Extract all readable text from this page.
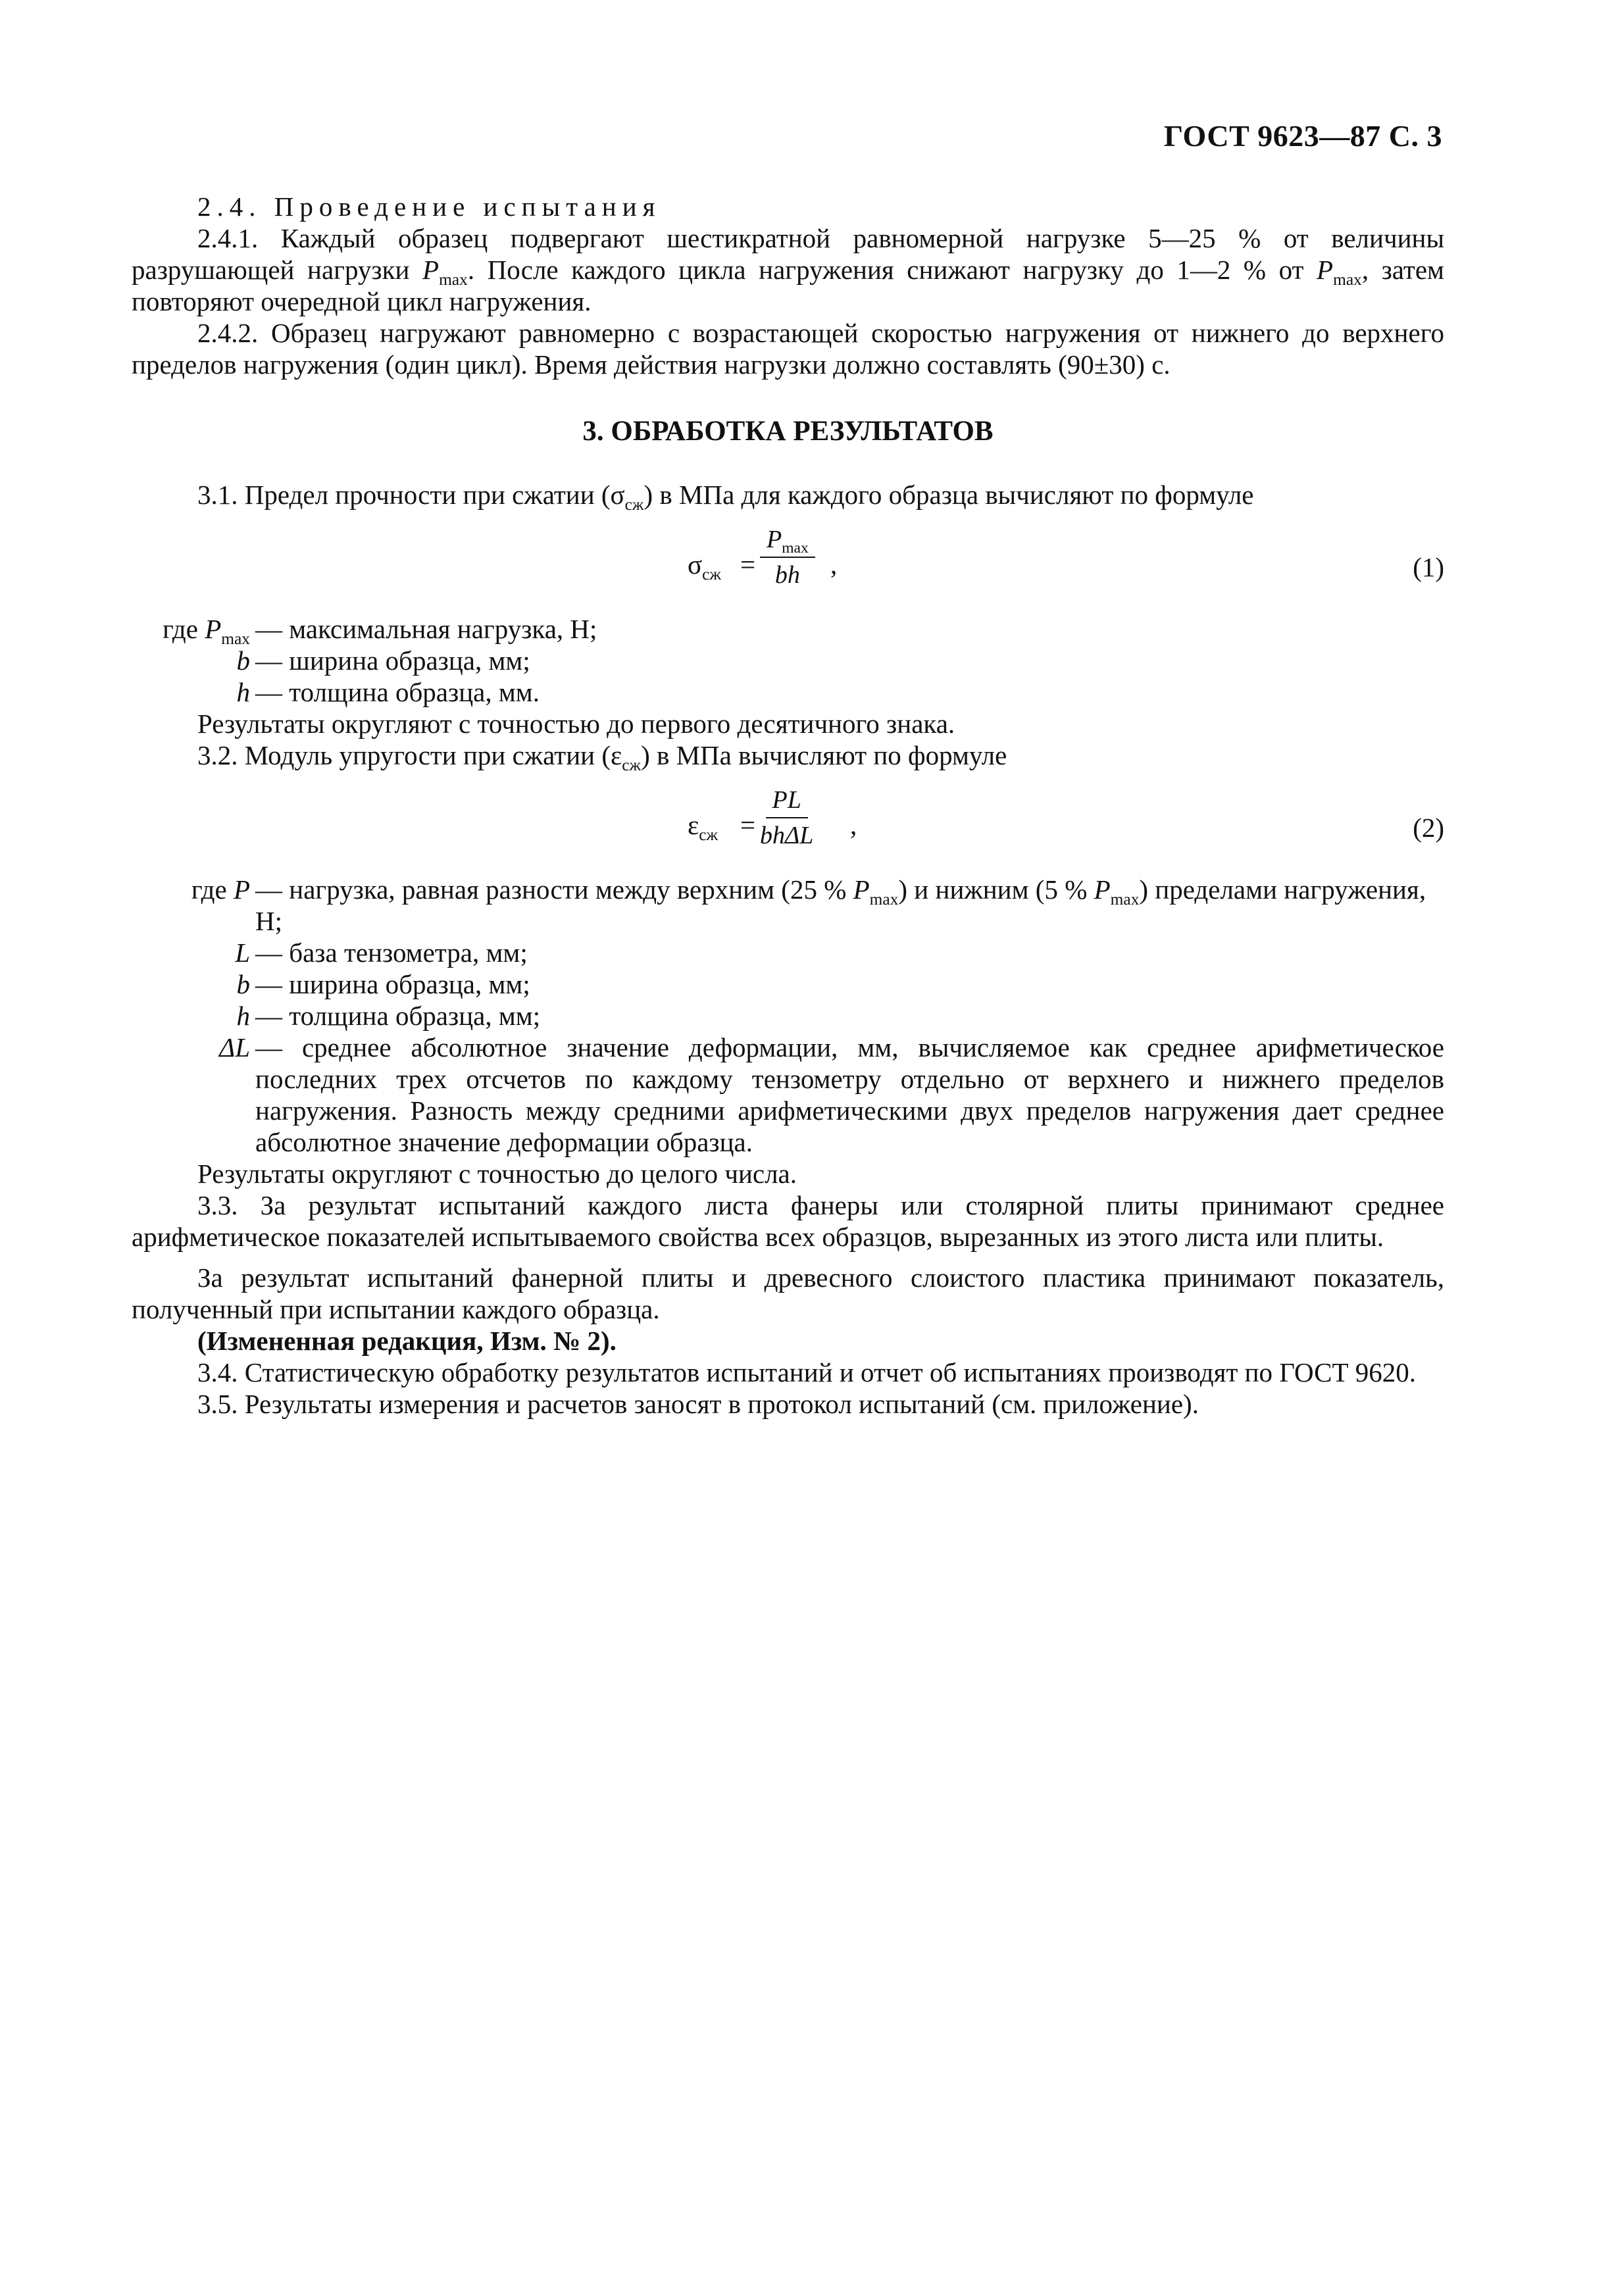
ГОСТ 9623—87 С. 3

2.4. Проведение испытания

2.4.1. Каждый образец подвергают шестикратной равномерной нагрузке 5—25 % от величины разрушающей нагрузки $P_{max}$. После каждого цикла нагружения снижают нагрузку до 1—2 % от $P_{max}$, затем повторяют очередной цикл нагружения.

2.4.2. Образец нагружают равномерно с возрастающей скоростью нагружения от нижнего до верхнего пределов нагружения (один цикл). Время действия нагрузки должно составлять (90±30) с.

3. ОБРАБОТКА РЕЗУЛЬТАТОВ

3.1. Предел прочности при сжатии $(\sigma_{сж})$ в МПа для каждого образца вычисляют по формуле

$\sigma_{сж}$ =
$P_{max}$
bh ,	(1)
где $P_{max}$ — максимальная нагрузка, Н;
b — ширина образца, мм;
h — толщина образца, мм.

Результаты округляют с точностью до первого десятичного знака.

3.2. Модуль упругости при сжатии $(\varepsilon_{сж})$ в МПа вычисляют по формуле

$\varepsilon_{сж}$ =
PL
bhΔL ,	(2)
где P — нагрузка, равная разности между верхним (25 % $P_{max}$) и нижним (5 % $P_{max}$) пределами нагружения, Н;
L — база тензометра, мм;
b — ширина образца, мм;
h — толщина образца, мм;
ΔL — среднее абсолютное значение деформации, мм, вычисляемое как среднее арифметическое последних трех отсчетов по каждому тензометру отдельно от верхнего и нижнего пределов нагружения. Разность между средними арифметическими двух пределов нагружения дает среднее абсолютное значение деформации образца.

Результаты округляют с точностью до целого числа.

3.3. За результат испытаний каждого листа фанеры или столярной плиты принимают среднее арифметическое показателей испытываемого свойства всех образцов, вырезанных из этого листа или плиты.

За результат испытаний фанерной плиты и древесного слоистого пластика принимают показатель, полученный при испытании каждого образца.

(Измененная редакция, Изм. № 2).

3.4. Статистическую обработку результатов испытаний и отчет об испытаниях производят по ГОСТ 9620.

3.5. Результаты измерения и расчетов заносят в протокол испытаний (см. приложение).
